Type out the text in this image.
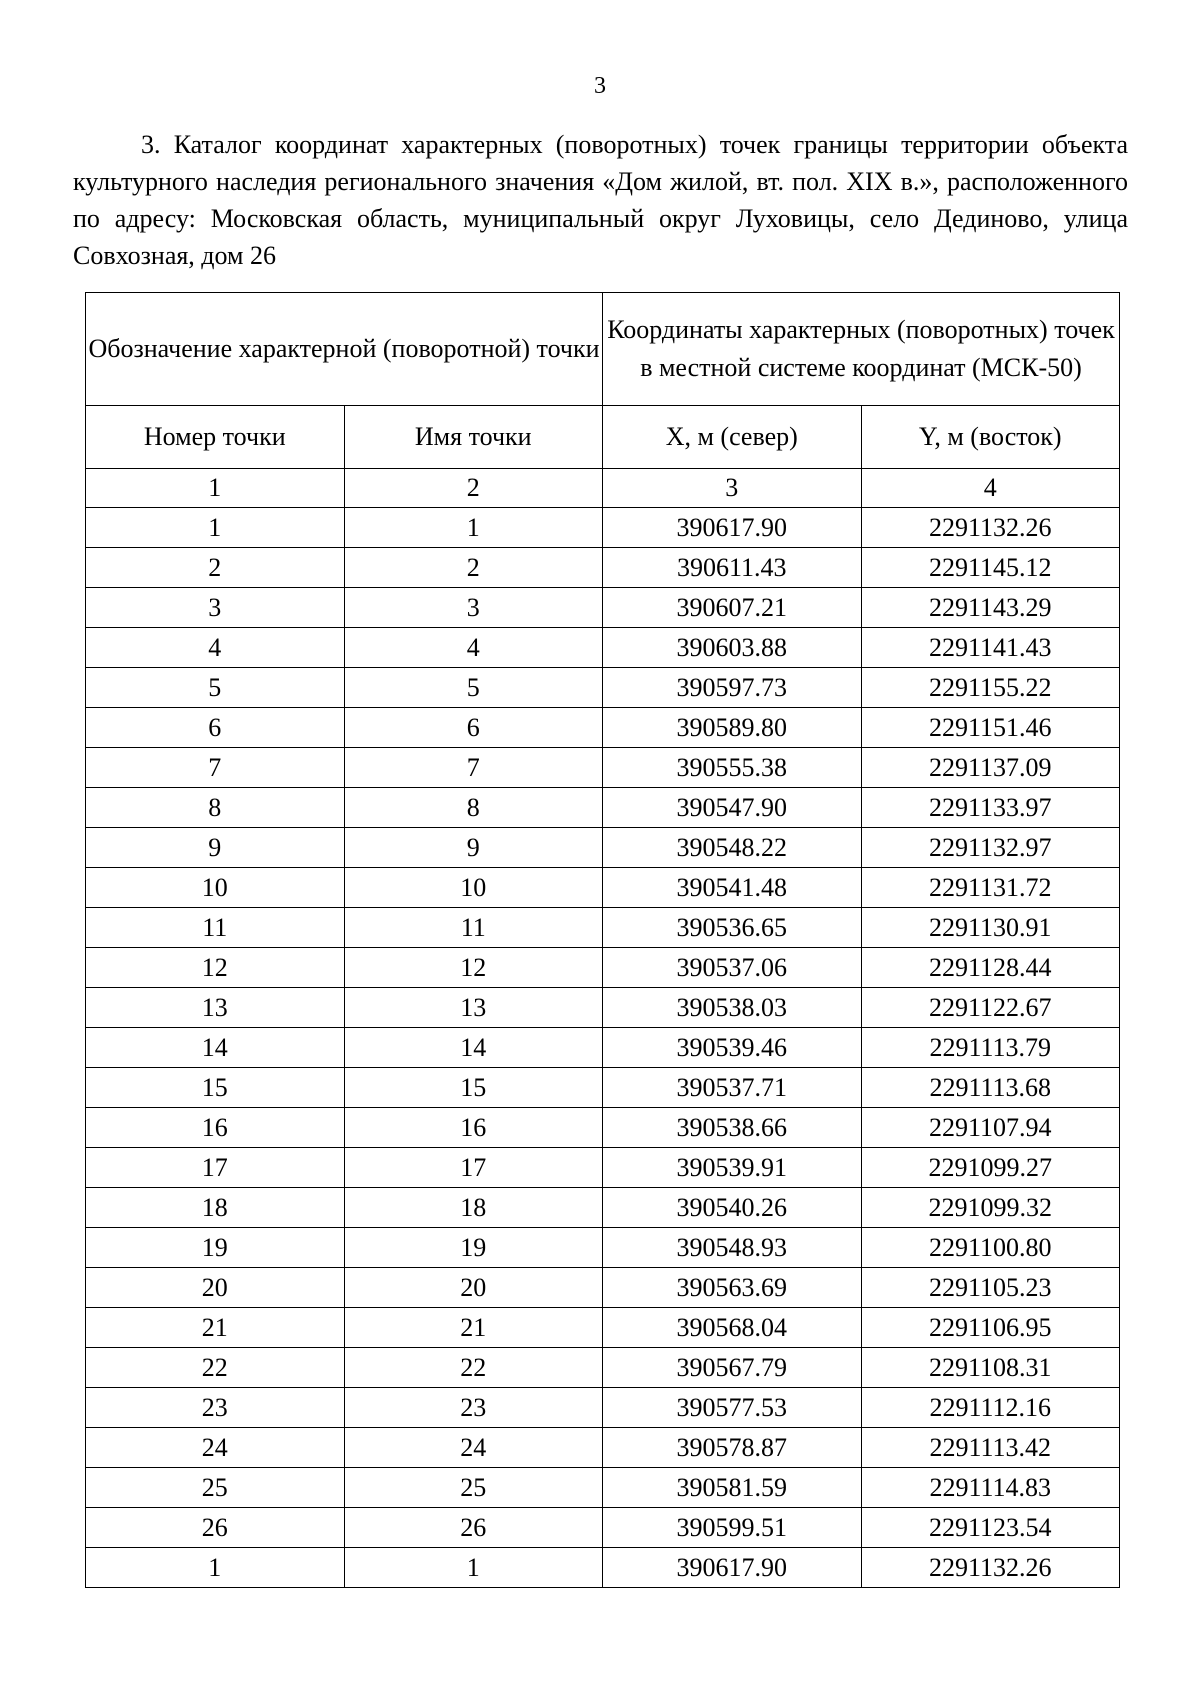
3

3. Каталог координат характерных (поворотных) точек границы территории объекта культурного наследия регионального значения «Дом жилой, вт. пол. XIX в.», расположенного по адресу: Московская область, муниципальный округ Луховицы, село Дединово, улица Совхозная, дом 26

Обозначение характерной (поворотной) точки		Координаты характерных (поворотных) точек в местной системе координат (МСК-50)	
Номер точки	Имя точки	X, м (север)	Y, м (восток)
1	2	3	4
1	1	390617.90	2291132.26
2	2	390611.43	2291145.12
3	3	390607.21	2291143.29
4	4	390603.88	2291141.43
5	5	390597.73	2291155.22
6	6	390589.80	2291151.46
7	7	390555.38	2291137.09
8	8	390547.90	2291133.97
9	9	390548.22	2291132.97
10	10	390541.48	2291131.72
11	11	390536.65	2291130.91
12	12	390537.06	2291128.44
13	13	390538.03	2291122.67
14	14	390539.46	2291113.79
15	15	390537.71	2291113.68
16	16	390538.66	2291107.94
17	17	390539.91	2291099.27
18	18	390540.26	2291099.32
19	19	390548.93	2291100.80
20	20	390563.69	2291105.23
21	21	390568.04	2291106.95
22	22	390567.79	2291108.31
23	23	390577.53	2291112.16
24	24	390578.87	2291113.42
25	25	390581.59	2291114.83
26	26	390599.51	2291123.54
1	1	390617.90	2291132.26
